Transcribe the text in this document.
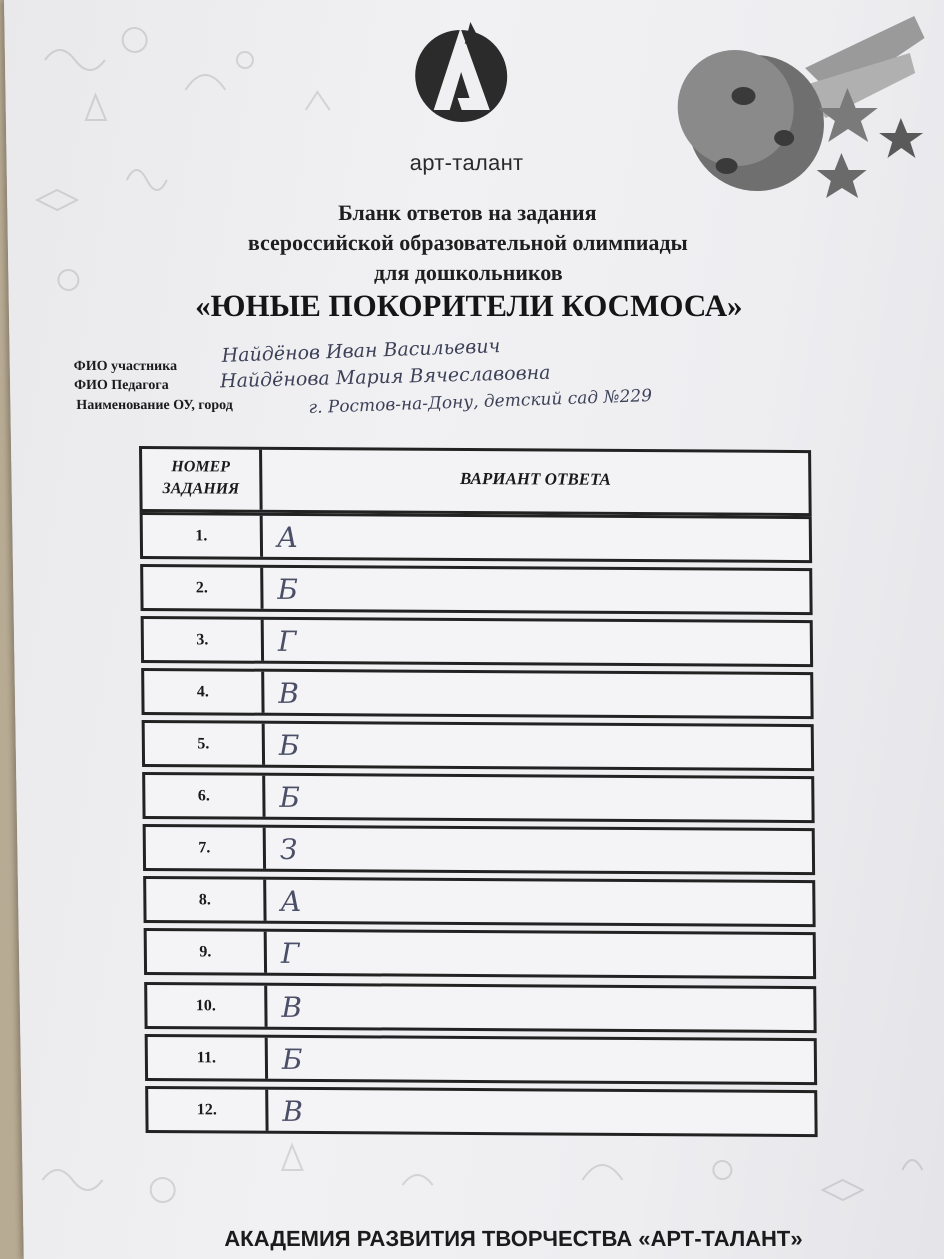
арт-талант
Бланк ответов на задания
всероссийской образовательной олимпиады
для дошкольников
«ЮНЫЕ ПОКОРИТЕЛИ КОСМОСА»
ФИО участника Найдёнов Иван Васильевич
ФИО Педагога	Найдёнова Мария Вячеславовна
Наименование ОУ, город	г. Ростов-на-Дону, детский сад №229
НОМЕР
ЗАДАНИЯ	ВАРИАНТ ОТВЕТА
1.	А
2.	Б
3.	Г
4.	В
5.	Б
6.	Б
7.	З
8.	А
9.	Г
10.	В
11.	Б
12.	В
АКАДЕМИЯ РАЗВИТИЯ ТВОРЧЕСТВА «АРТ-ТАЛАНТ»
